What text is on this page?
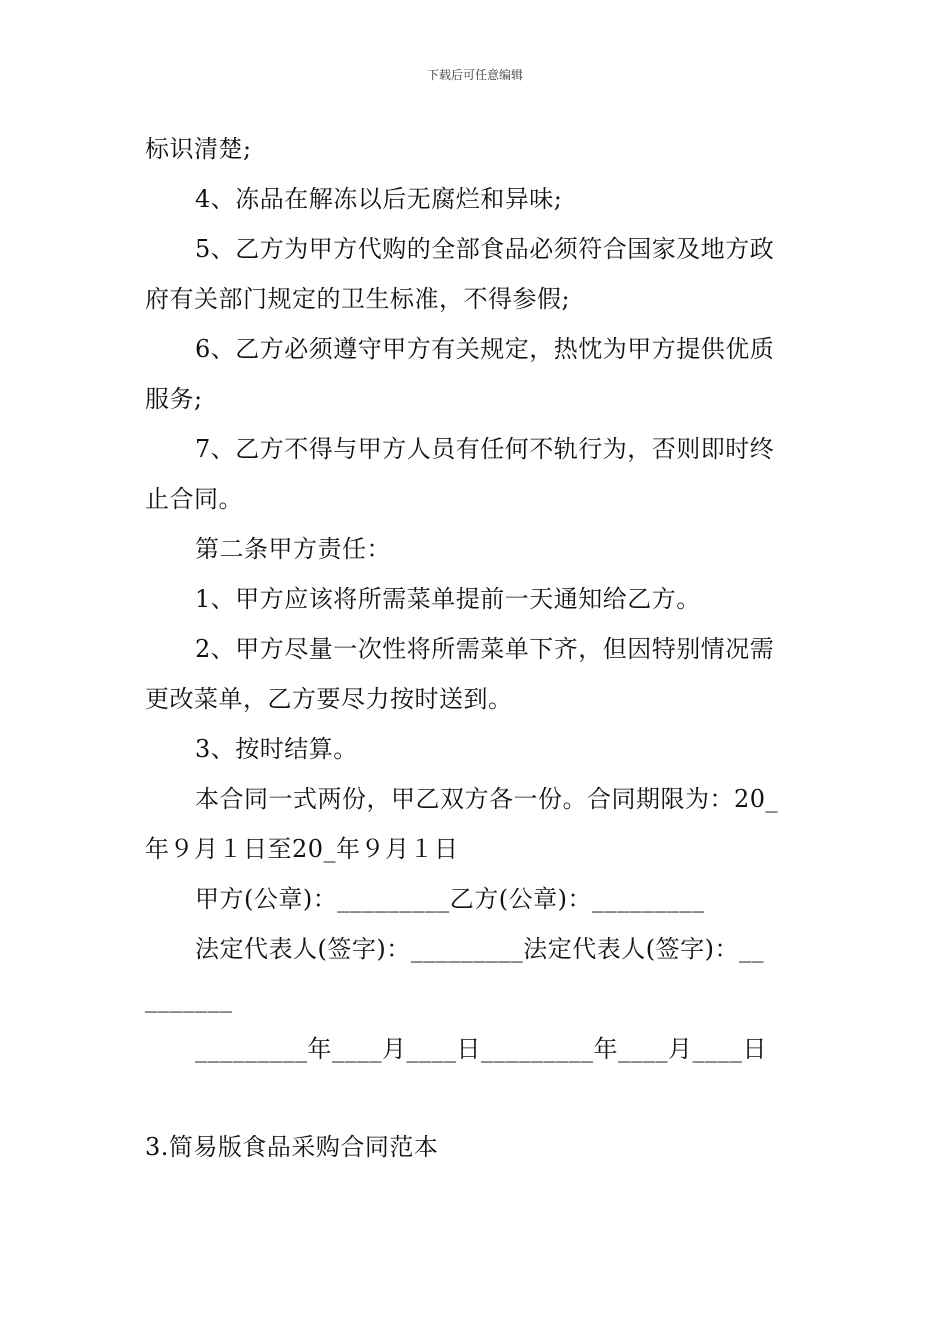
下载后可任意编辑
标识清楚;
4、冻品在解冻以后无腐烂和异味;
5、乙方为甲方代购的全部食品必须符合国家及地方政
府有关部门规定的卫生标准，不得参假;
6、乙方必须遵守甲方有关规定，热忱为甲方提供优质
服务;
7、乙方不得与甲方人员有任何不轨行为，否则即时终
止合同。
第二条甲方责任：
1、甲方应该将所需菜单提前一天通知给乙方。
2、甲方尽量一次性将所需菜单下齐，但因特别情况需
更改菜单，乙方要尽力按时送到。
3、按时结算。
本合同一式两份，甲乙双方各一份。合同期限为：20_
年９月１日至20_年９月１日
甲方(公章)：_________乙方(公章)：_________
法定代表人(签字)：_________法定代表人(签字)：__
_______
_________年____月____日_________年____月____日
3.简易版食品采购合同范本
